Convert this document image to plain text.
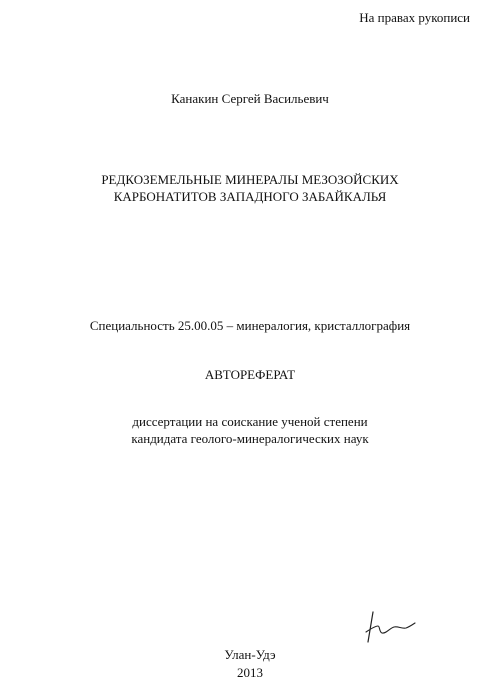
На правах рукописи
Канакин Сергей Васильевич
РЕДКОЗЕМЕЛЬНЫЕ МИНЕРАЛЫ МЕЗОЗОЙСКИХ
КАРБОНАТИТОВ ЗАПАДНОГО ЗАБАЙКАЛЬЯ
Специальность 25.00.05 – минералогия, кристаллография
АВТОРЕФЕРАТ
диссертации на соискание ученой степени
кандидата геолого-минералогических наук
Улан-Удэ
2013
